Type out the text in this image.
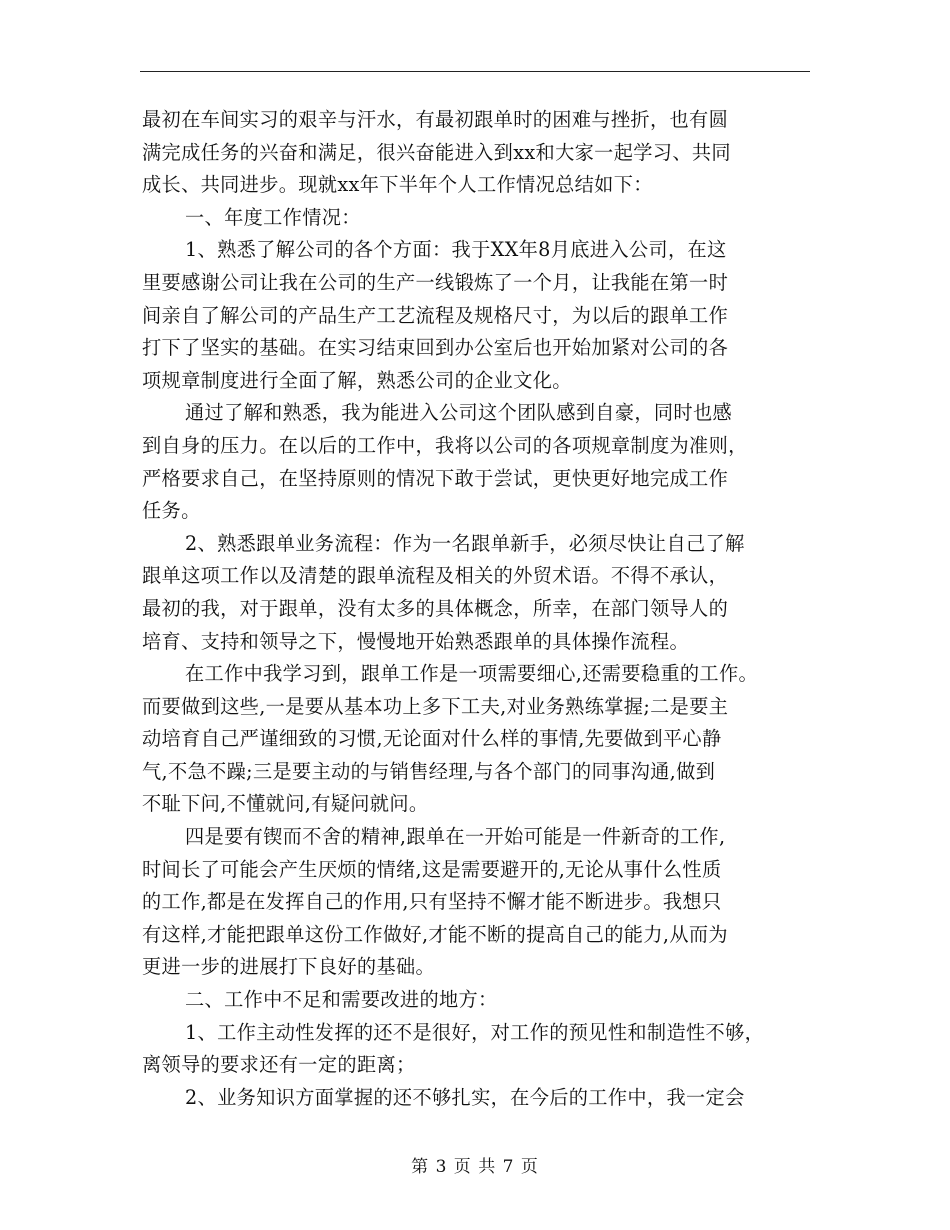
最初在车间实习的艰辛与汗水，有最初跟单时的困难与挫折，也有圆
满完成任务的兴奋和满足，很兴奋能进入到xx和大家一起学习、共同
成长、共同进步。现就xx年下半年个人工作情况总结如下：
一、年度工作情况：
1、熟悉了解公司的各个方面：我于XX年8月底进入公司，在这
里要感谢公司让我在公司的生产一线锻炼了一个月，让我能在第一时
间亲自了解公司的产品生产工艺流程及规格尺寸，为以后的跟单工作
打下了坚实的基础。在实习结束回到办公室后也开始加紧对公司的各
项规章制度进行全面了解，熟悉公司的企业文化。
通过了解和熟悉，我为能进入公司这个团队感到自豪，同时也感
到自身的压力。在以后的工作中，我将以公司的各项规章制度为准则，
严格要求自己，在坚持原则的情况下敢于尝试，更快更好地完成工作
任务。
2、熟悉跟单业务流程：作为一名跟单新手，必须尽快让自己了解
跟单这项工作以及清楚的跟单流程及相关的外贸术语。不得不承认，
最初的我，对于跟单，没有太多的具体概念，所幸，在部门领导人的
培育、支持和领导之下，慢慢地开始熟悉跟单的具体操作流程。
在工作中我学习到，跟单工作是一项需要细心,还需要稳重的工作。
而要做到这些,一是要从基本功上多下工夫,对业务熟练掌握;二是要主
动培育自己严谨细致的习惯,无论面对什么样的事情,先要做到平心静
气,不急不躁;三是要主动的与销售经理,与各个部门的同事沟通,做到
不耻下问,不懂就问,有疑问就问。
四是要有锲而不舍的精神,跟单在一开始可能是一件新奇的工作,
时间长了可能会产生厌烦的情绪,这是需要避开的,无论从事什么性质
的工作,都是在发挥自己的作用,只有坚持不懈才能不断进步。我想只
有这样,才能把跟单这份工作做好,才能不断的提高自己的能力,从而为
更进一步的进展打下良好的基础。
二、工作中不足和需要改进的地方：
1、工作主动性发挥的还不是很好，对工作的预见性和制造性不够，
离领导的要求还有一定的距离；
2、业务知识方面掌握的还不够扎实，在今后的工作中，我一定会
第 3 页 共 7 页
